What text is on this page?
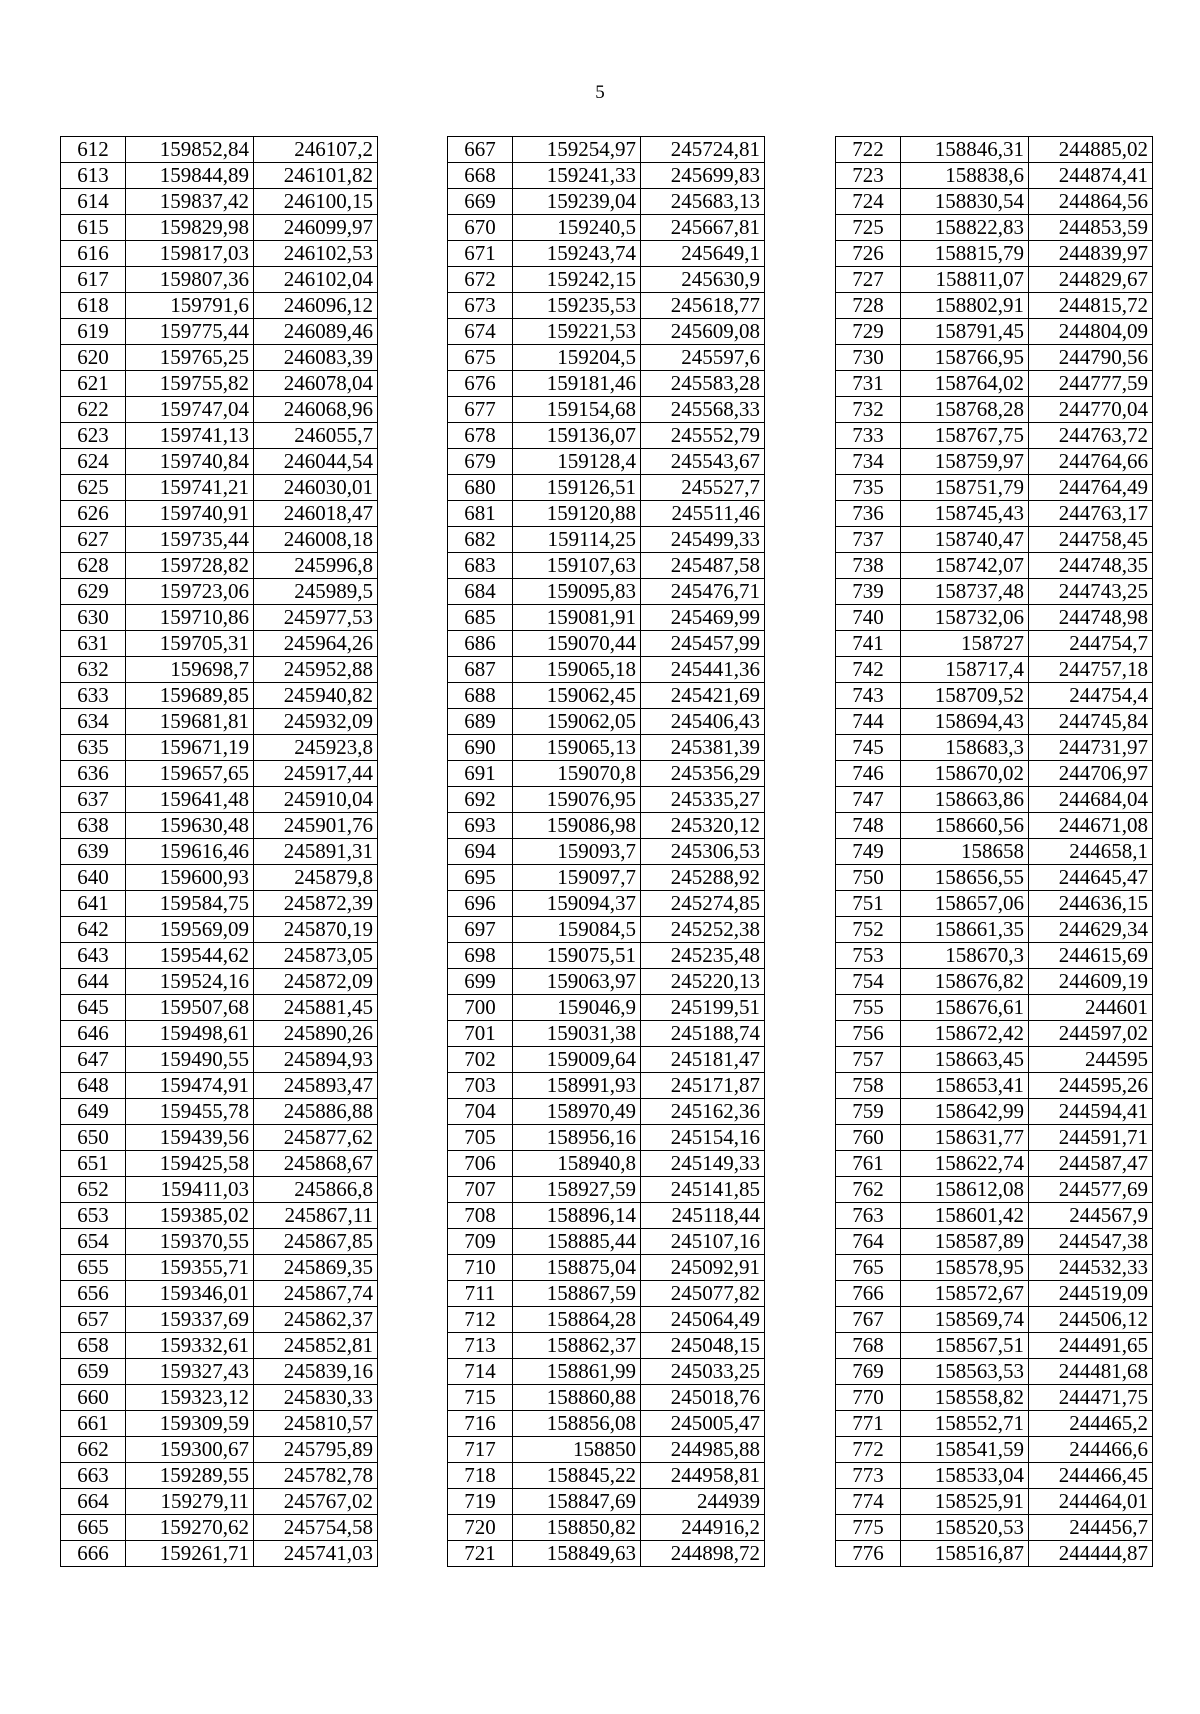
5
612	159852,84	246107,2
613	159844,89	246101,82
614	159837,42	246100,15
615	159829,98	246099,97
616	159817,03	246102,53
617	159807,36	246102,04
618	159791,6	246096,12
619	159775,44	246089,46
620	159765,25	246083,39
621	159755,82	246078,04
622	159747,04	246068,96
623	159741,13	246055,7
624	159740,84	246044,54
625	159741,21	246030,01
626	159740,91	246018,47
627	159735,44	246008,18
628	159728,82	245996,8
629	159723,06	245989,5
630	159710,86	245977,53
631	159705,31	245964,26
632	159698,7	245952,88
633	159689,85	245940,82
634	159681,81	245932,09
635	159671,19	245923,8
636	159657,65	245917,44
637	159641,48	245910,04
638	159630,48	245901,76
639	159616,46	245891,31
640	159600,93	245879,8
641	159584,75	245872,39
642	159569,09	245870,19
643	159544,62	245873,05
644	159524,16	245872,09
645	159507,68	245881,45
646	159498,61	245890,26
647	159490,55	245894,93
648	159474,91	245893,47
649	159455,78	245886,88
650	159439,56	245877,62
651	159425,58	245868,67
652	159411,03	245866,8
653	159385,02	245867,11
654	159370,55	245867,85
655	159355,71	245869,35
656	159346,01	245867,74
657	159337,69	245862,37
658	159332,61	245852,81
659	159327,43	245839,16
660	159323,12	245830,33
661	159309,59	245810,57
662	159300,67	245795,89
663	159289,55	245782,78
664	159279,11	245767,02
665	159270,62	245754,58
666	159261,71	245741,03
667	159254,97	245724,81
668	159241,33	245699,83
669	159239,04	245683,13
670	159240,5	245667,81
671	159243,74	245649,1
672	159242,15	245630,9
673	159235,53	245618,77
674	159221,53	245609,08
675	159204,5	245597,6
676	159181,46	245583,28
677	159154,68	245568,33
678	159136,07	245552,79
679	159128,4	245543,67
680	159126,51	245527,7
681	159120,88	245511,46
682	159114,25	245499,33
683	159107,63	245487,58
684	159095,83	245476,71
685	159081,91	245469,99
686	159070,44	245457,99
687	159065,18	245441,36
688	159062,45	245421,69
689	159062,05	245406,43
690	159065,13	245381,39
691	159070,8	245356,29
692	159076,95	245335,27
693	159086,98	245320,12
694	159093,7	245306,53
695	159097,7	245288,92
696	159094,37	245274,85
697	159084,5	245252,38
698	159075,51	245235,48
699	159063,97	245220,13
700	159046,9	245199,51
701	159031,38	245188,74
702	159009,64	245181,47
703	158991,93	245171,87
704	158970,49	245162,36
705	158956,16	245154,16
706	158940,8	245149,33
707	158927,59	245141,85
708	158896,14	245118,44
709	158885,44	245107,16
710	158875,04	245092,91
711	158867,59	245077,82
712	158864,28	245064,49
713	158862,37	245048,15
714	158861,99	245033,25
715	158860,88	245018,76
716	158856,08	245005,47
717	158850	244985,88
718	158845,22	244958,81
719	158847,69	244939
720	158850,82	244916,2
721	158849,63	244898,72
722	158846,31	244885,02
723	158838,6	244874,41
724	158830,54	244864,56
725	158822,83	244853,59
726	158815,79	244839,97
727	158811,07	244829,67
728	158802,91	244815,72
729	158791,45	244804,09
730	158766,95	244790,56
731	158764,02	244777,59
732	158768,28	244770,04
733	158767,75	244763,72
734	158759,97	244764,66
735	158751,79	244764,49
736	158745,43	244763,17
737	158740,47	244758,45
738	158742,07	244748,35
739	158737,48	244743,25
740	158732,06	244748,98
741	158727	244754,7
742	158717,4	244757,18
743	158709,52	244754,4
744	158694,43	244745,84
745	158683,3	244731,97
746	158670,02	244706,97
747	158663,86	244684,04
748	158660,56	244671,08
749	158658	244658,1
750	158656,55	244645,47
751	158657,06	244636,15
752	158661,35	244629,34
753	158670,3	244615,69
754	158676,82	244609,19
755	158676,61	244601
756	158672,42	244597,02
757	158663,45	244595
758	158653,41	244595,26
759	158642,99	244594,41
760	158631,77	244591,71
761	158622,74	244587,47
762	158612,08	244577,69
763	158601,42	244567,9
764	158587,89	244547,38
765	158578,95	244532,33
766	158572,67	244519,09
767	158569,74	244506,12
768	158567,51	244491,65
769	158563,53	244481,68
770	158558,82	244471,75
771	158552,71	244465,2
772	158541,59	244466,6
773	158533,04	244466,45
774	158525,91	244464,01
775	158520,53	244456,7
776	158516,87	244444,87
